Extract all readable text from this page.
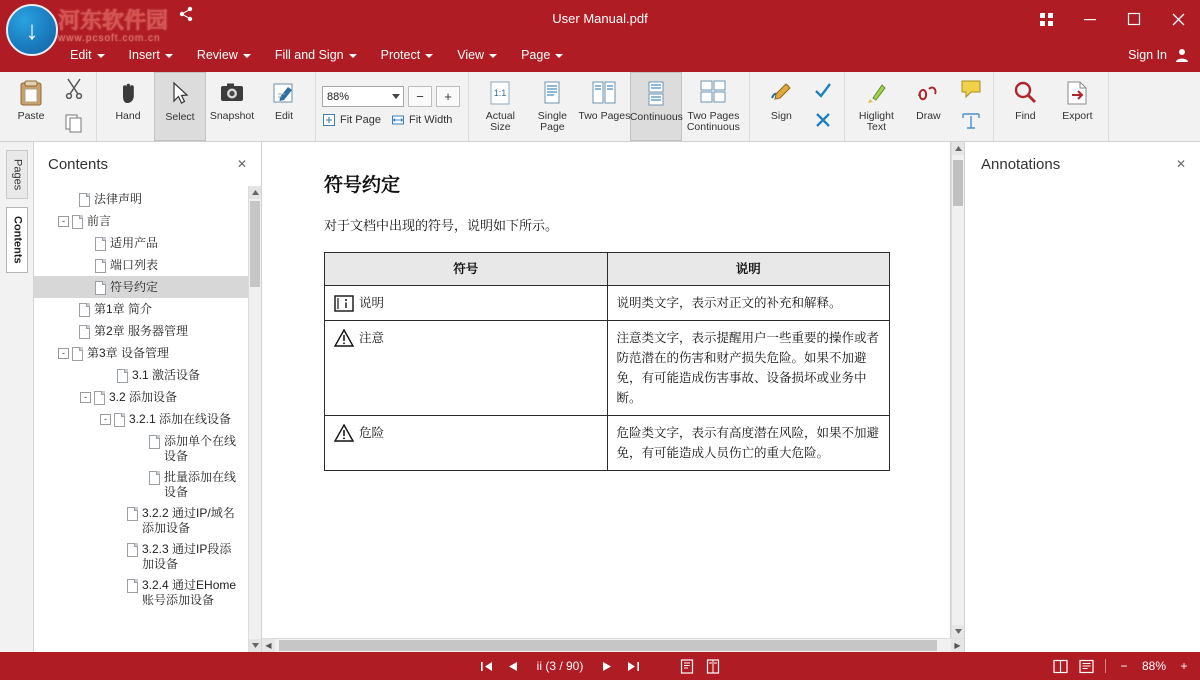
User Manual.pdf
Edit	Insert	Review	Fill and Sign	Protect	View	Page	Sign In
↓ 河东软件园
www.pcsoft.com.cn
Paste	Hand Select Snapshot Edit
88%	− +
Fit Page	Fit Width
1:1
Actual Size
Single Page
Two Pages Continuous Two Pages Continuous
Sign	Higlight Text
Draw	Find	Export
Pages
Contents
Contents	✕
法律声明
-	前言
适用产品
端口列表
符号约定
第1章 简介
第2章 服务器管理
-	第3章 设备管理
3.1 激活设备
-	3.2 添加设备
-	3.2.1 添加在线设备
添加单个在线设备
批量添加在线设备
3.2.2 通过IP/域名添加设备
3.2.3 通过IP段添加设备
3.2.4 通过EHome账号添加设备
符号约定

对于文档中出现的符号，说明如下所示。

符号	说明

说明	说明类文字，表示对正文的补充和解释。

注意	注意类文字，表示提醒用户一些重要的操作或者防范潜在的伤害和财产损失危险。如果不加避免，有可能造成伤害事故、设备损坏或业务中断。

危险	危险类文字，表示有高度潜在风险，如果不加避免，有可能造成人员伤亡的重大危险。
◀	▶
Annotations	✕
ii (3 / 90)	−	88%	+
